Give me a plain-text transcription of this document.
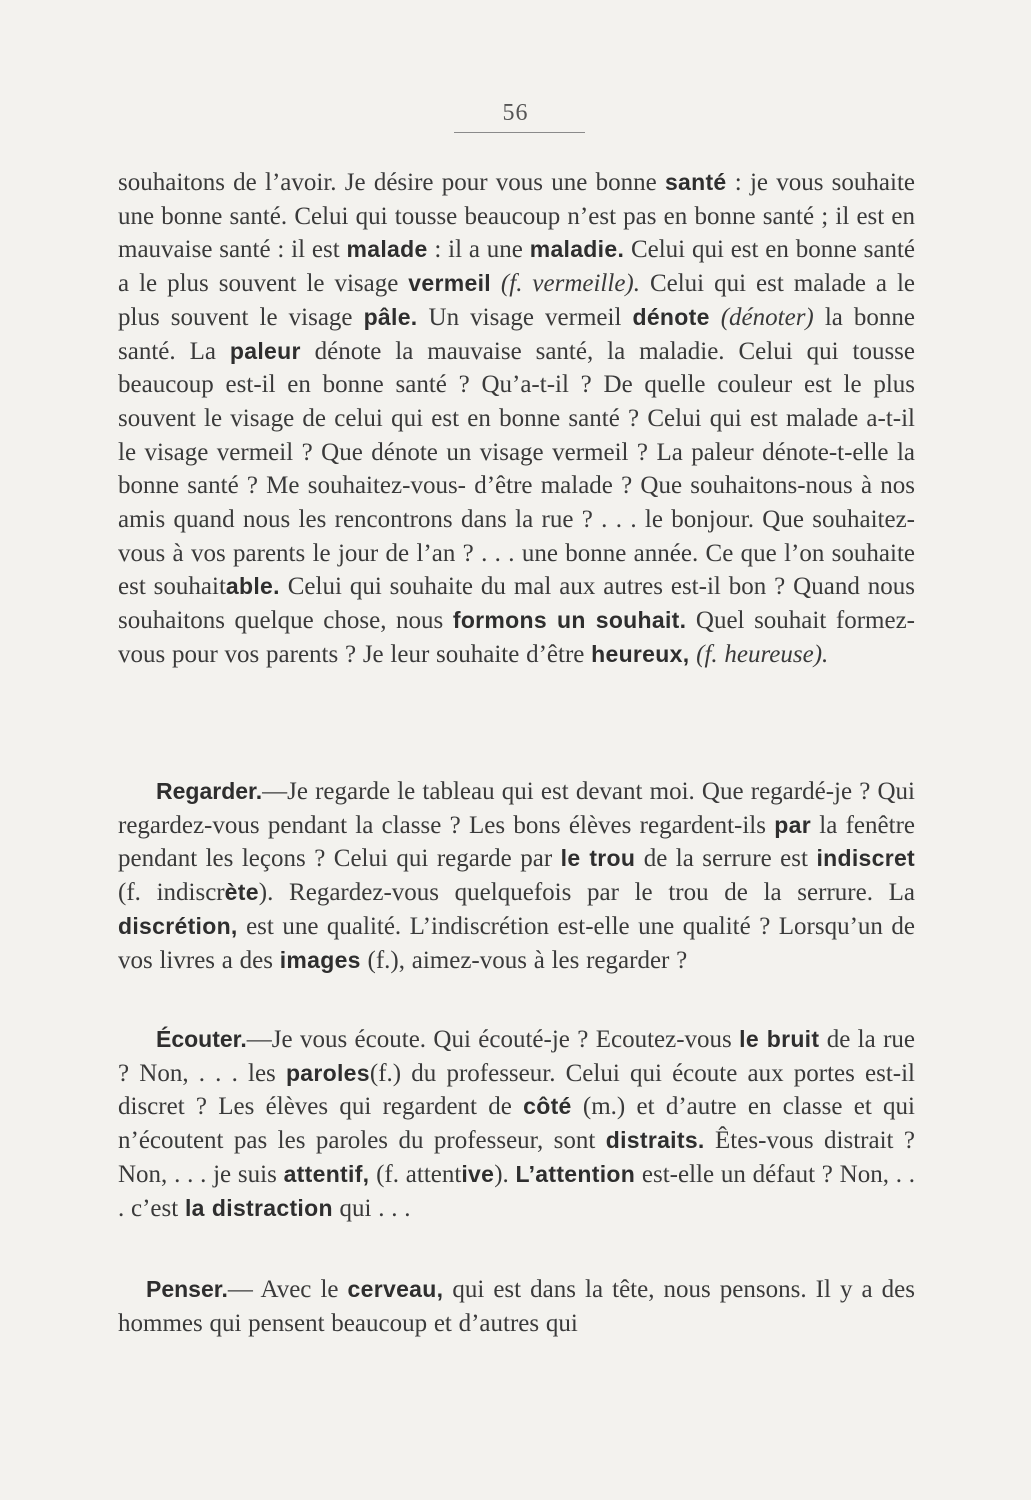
56

souhaitons de l’avoir. Je désire pour vous une bonne santé : je vous souhaite une bonne santé. Celui qui tousse beaucoup n’est pas en bonne santé ; il est en mauvaise santé : il est malade : il a une maladie. Celui qui est en bonne santé a le plus souvent le visage vermeil (f. vermeille). Celui qui est malade a le plus souvent le visage pâle. Un visage vermeil dénote (dénoter) la bonne santé. La paleur dénote la mauvaise santé, la maladie. Celui qui tousse beaucoup est-il en bonne santé ? Qu’a-t-il ? De quelle couleur est le plus souvent le visage de celui qui est en bonne santé ? Celui qui est malade a-t-il le visage vermeil ? Que dénote un visage vermeil ? La paleur dénote-t-elle la bonne santé ? Me souhaitez-vous- d’être malade ? Que souhaitons-nous à nos amis quand nous les rencontrons dans la rue ? . . . le bonjour. Que souhaitez-vous à vos parents le jour de l’an ? . . . une bonne année. Ce que l’on souhaite est souhaitable. Celui qui souhaite du mal aux autres est-il bon ? Quand nous souhaitons quelque chose, nous formons un souhait. Quel souhait formez-vous pour vos parents ? Je leur souhaite d’être heureux, (f. heureuse).

Regarder.—Je regarde le tableau qui est devant moi. Que regardé-je ? Qui regardez-vous pendant la classe ? Les bons élèves regardent-ils par la fenêtre pendant les leçons ? Celui qui regarde par le trou de la serrure est indiscret (f. indiscrète). Regardez-vous quelquefois par le trou de la serrure. La discrétion, est une qualité. L’indiscrétion est-elle une qualité ? Lorsqu’un de vos livres a des images (f.), aimez-vous à les regarder ?

Écouter.—Je vous écoute. Qui écouté-je ? Ecoutez-vous le bruit de la rue ? Non, . . . les paroles(f.) du professeur. Celui qui écoute aux portes est-il discret ? Les élèves qui regardent de côté (m.) et d’autre en classe et qui n’écoutent pas les paroles du professeur, sont distraits. Êtes-vous distrait ? Non, . . . je suis attentif, (f. attentive). L’attention est-elle un défaut ? Non, . . . c’est la distraction qui . . .

Penser.— Avec le cerveau, qui est dans la tête, nous pensons. Il y a des hommes qui pensent beaucoup et d’autres qui
